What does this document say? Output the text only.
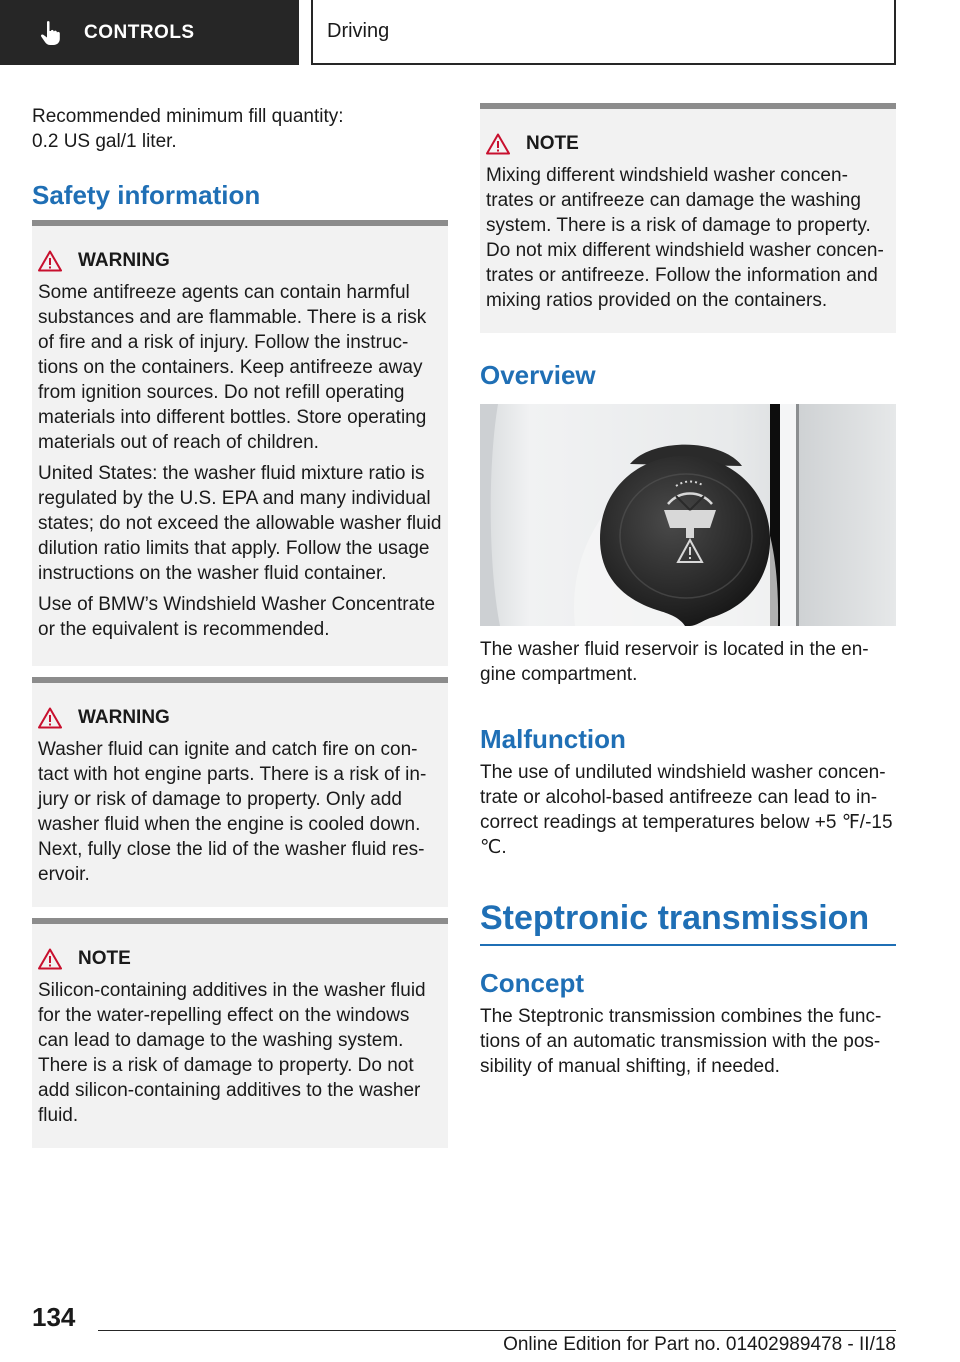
CONTROLS	Driving

Recommended minimum fill quantity:

0.2 US gal/1 liter.

Safety information
WARNING

Some antifreeze agents can contain harmful substances and are flammable. There is a risk of fire and a risk of injury. Follow the instruc-tions on the containers. Keep antifreeze away from ignition sources. Do not refill operating materials into different bottles. Store operating materials out of reach of children.

United States: the washer fluid mixture ratio is regulated by the U.S. EPA and many individual states; do not exceed the allowable washer fluid dilution ratio limits that apply. Follow the usage instructions on the washer fluid container.

Use of BMW’s Windshield Washer Concentrate or the equivalent is recommended.

WARNING

Washer fluid can ignite and catch fire on con-tact with hot engine parts. There is a risk of in-jury or risk of damage to property. Only add washer fluid when the engine is cooled down. Next, fully close the lid of the washer fluid res-ervoir.

NOTE

Silicon-containing additives in the washer fluid for the water-repelling effect on the windows can lead to damage to the washing system. There is a risk of damage to property. Do not add silicon-containing additives to the washer fluid.

NOTE

Mixing different windshield washer concen-trates or antifreeze can damage the washing system. There is a risk of damage to property. Do not mix different windshield washer concen-trates or antifreeze. Follow the information and mixing ratios provided on the containers.

Overview

The washer fluid reservoir is located in the en-gine compartment.

Malfunction

The use of undiluted windshield washer concen-trate or alcohol-based antifreeze can lead to in-correct readings at temperatures below +5 ℉/-15 ℃.

Steptronic transmission
Concept

The Steptronic transmission combines the func-tions of an automatic transmission with the pos-sibility of manual shifting, if needed.

134
Online Edition for Part no. 01402989478 - II/18
